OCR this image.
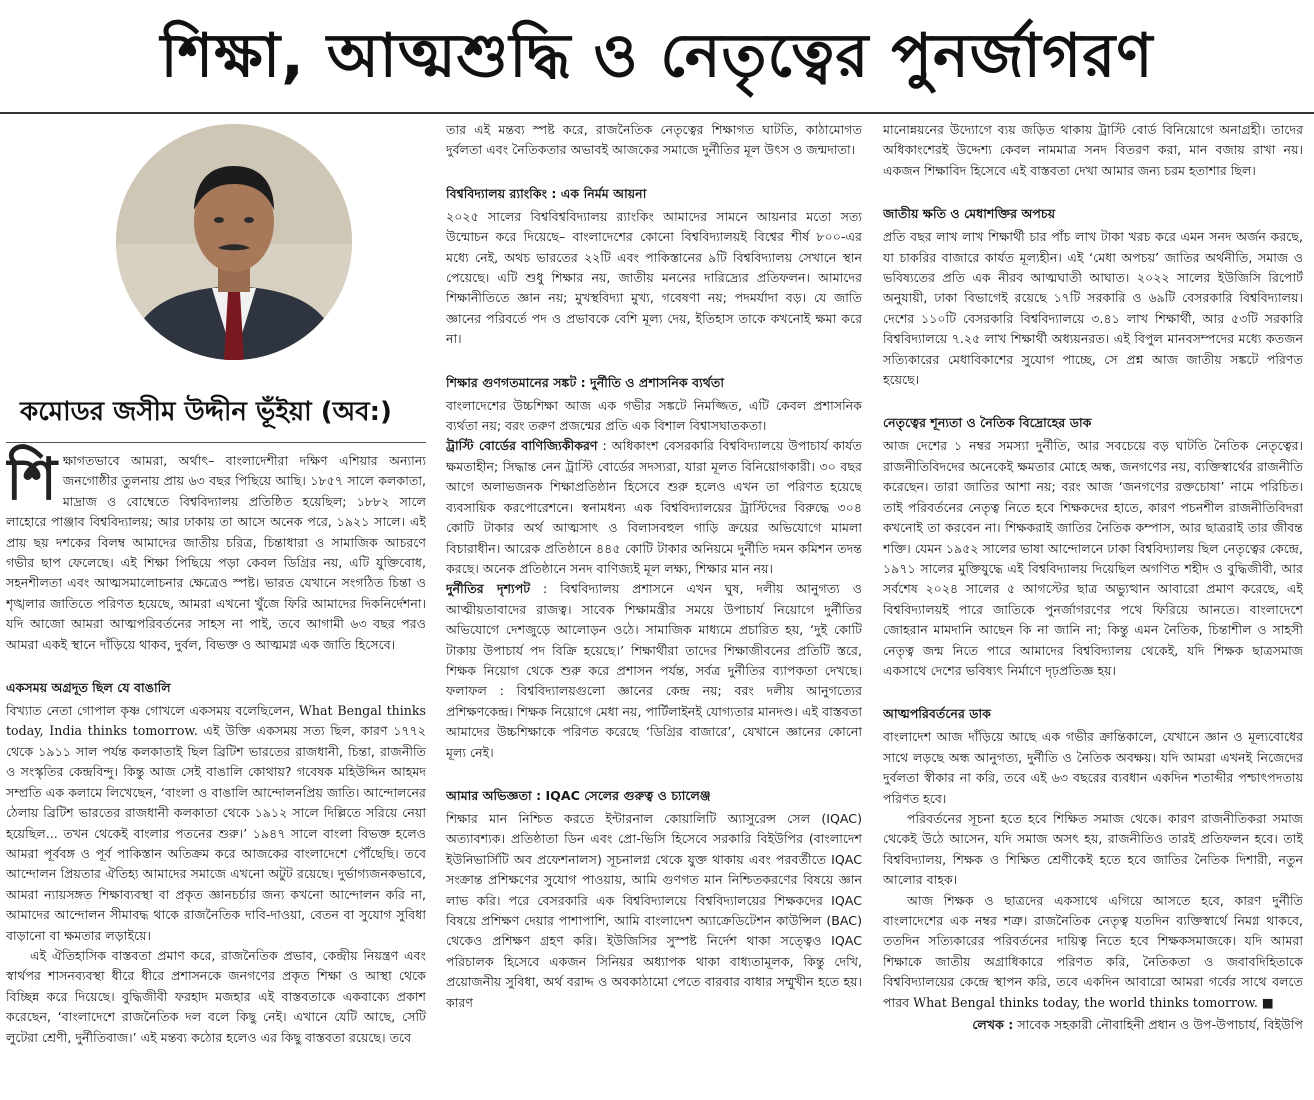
শিক্ষা, আত্মশুদ্ধি ও নেতৃত্বের পুনর্জাগরণ
কমোডর জসীম উদ্দীন ভূঁইয়া (অব:)

শিক্ষাগতভাবে আমরা, অর্থাৎ– বাংলাদেশীরা দক্ষিণ এশিয়ার অন্যান্য জনগোষ্ঠীর তুলনায় প্রায় ৬৩ বছর পিছিয়ে আছি। ১৮৫৭ সালে কলকাতা, মাদ্রাজ ও বোম্বেতে বিশ্ববিদ্যালয় প্রতিষ্ঠিত হয়েছিল; ১৮৮২ সালে লাহোরে পাঞ্জাব বিশ্ববিদ্যালয়; আর ঢাকায় তা আসে অনেক পরে, ১৯২১ সালে। এই প্রায় ছয় দশকের বিলম্ব আমাদের জাতীয় চরিত্র, চিন্তাধারা ও সামাজিক আচরণে গভীর ছাপ ফেলেছে। এই শিক্ষা পিছিয়ে পড়া কেবল ডিগ্রির নয়, এটি যুক্তিবোধ, সহনশীলতা এবং আত্মসমালোচনার ক্ষেত্রেও স্পষ্ট। ভারত যেখানে সংগঠিত চিন্তা ও শৃঙ্খলার জাতিতে পরিণত হয়েছে, আমরা এখনো খুঁজে ফিরি আমাদের দিকনির্দেশনা। যদি আজো আমরা আত্মপরিবর্তনের সাহস না পাই, তবে আগামী ৬৩ বছর পরও আমরা একই স্থানে দাঁড়িয়ে থাকব, দুর্বল, বিভক্ত ও আত্মমগ্ন এক জাতি হিসেবে।

একসময় অগ্রদূত ছিল যে বাঙালি

বিখ্যাত নেতা গোপাল কৃষ্ণ গোখলে একসময় বলেছিলেন, What Bengal thinks today, India thinks tomorrow. এই উক্তি একসময় সত্য ছিল, কারণ ১৭৭২ থেকে ১৯১১ সাল পর্যন্ত কলকাতাই ছিল ব্রিটিশ ভারতের রাজধানী, চিন্তা, রাজনীতি ও সংস্কৃতির কেন্দ্রবিন্দু। কিন্তু আজ সেই বাঙালি কোথায়? গবেষক মহিউদ্দিন আহমদ সম্প্রতি এক কলামে লিখেছেন, ‘বাংলা ও বাঙালি আন্দোলনপ্রিয় জাতি। আন্দোলনের ঠেলায় ব্রিটিশ ভারতের রাজধানী কলকাতা থেকে ১৯১২ সালে দিল্লিতে সরিয়ে নেয়া হয়েছিল... তখন থেকেই বাংলার পতনের শুরু।’ ১৯৪৭ সালে বাংলা বিভক্ত হলেও আমরা পূর্ববঙ্গ ও পূর্ব পাকিস্তান অতিক্রম করে আজকের বাংলাদেশে পৌঁছেছি। তবে আন্দোলন প্রিয়তার ঐতিহ্য আমাদের সমাজে এখনো অটুট রয়েছে। দুর্ভাগ্যজনকভাবে, আমরা ন্যায়সঙ্গত শিক্ষাব্যবস্থা বা প্রকৃত জ্ঞানচর্চার জন্য কখনো আন্দোলন করি না, আমাদের আন্দোলন সীমাবদ্ধ থাকে রাজনৈতিক দাবি-দাওয়া, বেতন বা সুযোগ সুবিধা বাড়ানো বা ক্ষমতার লড়াইয়ে।

এই ঐতিহাসিক বাস্তবতা প্রমাণ করে, রাজনৈতিক প্রভাব, কেন্দ্রীয় নিয়ন্ত্রণ এবং স্বার্থপর শাসনব্যবস্থা ধীরে ধীরে প্রশাসনকে জনগণের প্রকৃত শিক্ষা ও আস্থা থেকে বিচ্ছিন্ন করে দিয়েছে। বুদ্ধিজীবী ফরহাদ মজহার এই বাস্তবতাকে একবাক্যে প্রকাশ করেছেন, ‘বাংলাদেশে রাজনৈতিক দল বলে কিছু নেই। এখানে যেটি আছে, সেটি লুটেরা শ্রেণী, দুর্নীতিবাজ।’ এই মন্তব্য কঠোর হলেও এর কিছু বাস্তবতা রয়েছে। তবে

তার এই মন্তব্য স্পষ্ট করে, রাজনৈতিক নেতৃত্বের শিক্ষাগত ঘাটতি, কাঠামোগত দুর্বলতা এবং নৈতিকতার অভাবই আজকের সমাজে দুর্নীতির মূল উৎস ও জন্মদাতা।

বিশ্ববিদ্যালয় র‍্যাংকিং : এক নির্মম আয়না

২০২৫ সালের বিশ্ববিশ্ববিদ্যালয় র‍্যাংকিং আমাদের সামনে আয়নার মতো সত্য উন্মোচন করে দিয়েছে– বাংলাদেশের কোনো বিশ্ববিদ্যালয়ই বিশ্বের শীর্ষ ৮০০-এর মধ্যে নেই, অথচ ভারতের ২২টি এবং পাকিস্তানের ৯টি বিশ্ববিদ্যালয় সেখানে স্থান পেয়েছে। এটি শুধু শিক্ষার নয়, জাতীয় মননের দারিদ্র্যের প্রতিফলন। আমাদের শিক্ষানীতিতে জ্ঞান নয়; মুখস্থবিদ্যা মুখ্য, গবেষণা নয়; পদমর্যাদা বড়। যে জাতি জ্ঞানের পরিবর্তে পদ ও প্রভাবকে বেশি মূল্য দেয়, ইতিহাস তাকে কখনোই ক্ষমা করে না।

শিক্ষার গুণগতমানের সঙ্কট : দুর্নীতি ও প্রশাসনিক ব্যর্থতা

বাংলাদেশের উচ্চশিক্ষা আজ এক গভীর সঙ্কটে নিমজ্জিত, এটি কেবল প্রশাসনিক ব্যর্থতা নয়; বরং তরুণ প্রজন্মের প্রতি এক বিশাল বিশ্বাসঘাতকতা।

ট্রাস্টি বোর্ডের বাণিজ্যিকীকরণ : অধিকাংশ বেসরকারি বিশ্ববিদ্যালয়ে উপাচার্য কার্যত ক্ষমতাহীন; সিদ্ধান্ত নেন ট্রাস্টি বোর্ডের সদস্যরা, যারা মূলত বিনিয়োগকারী। ৩০ বছর আগে অলাভজনক শিক্ষাপ্রতিষ্ঠান হিসেবে শুরু হলেও এখন তা পরিণত হয়েছে ব্যবসায়িক করপোরেশনে। স্বনামধন্য এক বিশ্ববিদ্যালয়ের ট্রাস্টিদের বিরুদ্ধে ৩০৪ কোটি টাকার অর্থ আত্মসাৎ ও বিলাসবহুল গাড়ি ক্রয়ের অভিযোগে মামলা বিচারাধীন। আরেক প্রতিষ্ঠানে ৪৪৫ কোটি টাকার অনিয়মে দুর্নীতি দমন কমিশন তদন্ত করছে। অনেক প্রতিষ্ঠানে সনদ বাণিজ্যই মূল লক্ষ্য, শিক্ষার মান নয়।

দুর্নীতির দৃশ্যপট : বিশ্ববিদ্যালয় প্রশাসনে এখন ঘুষ, দলীয় আনুগত্য ও আত্মীয়তাবাদের রাজত্ব। সাবেক শিক্ষামন্ত্রীর সময়ে উপাচার্য নিয়োগে দুর্নীতির অভিযোগে দেশজুড়ে আলোড়ন ওঠে। সামাজিক মাধ্যমে প্রচারিত হয়, ‘দুই কোটি টাকায় উপাচার্য পদ বিক্রি হয়েছে।’ শিক্ষার্থীরা তাদের শিক্ষাজীবনের প্রতিটি স্তরে, শিক্ষক নিয়োগ থেকে শুরু করে প্রশাসন পর্যন্ত, সর্বত্র দুর্নীতির ব্যাপকতা দেখছে। ফলাফল : বিশ্ববিদ্যালয়গুলো জ্ঞানের কেন্দ্র নয়; বরং দলীয় আনুগত্যের প্রশিক্ষণকেন্দ্র। শিক্ষক নিয়োগে মেধা নয়, পার্টিলাইনই যোগ্যতার মানদণ্ড। এই বাস্তবতা আমাদের উচ্চশিক্ষাকে পরিণত করেছে ‘ডিগ্রির বাজারে’, যেখানে জ্ঞানের কোনো মূল্য নেই।

আমার অভিজ্ঞতা : IQAC সেলের গুরুত্ব ও চ্যালেঞ্জ

শিক্ষার মান নিশ্চিত করতে ইন্টারনাল কোয়ালিটি অ্যাসুরেন্স সেল (IQAC) অত্যাবশ্যক। প্রতিষ্ঠাতা ডিন এবং প্রো-ভিসি হিসেবে সরকারি বিইউপির (বাংলাদেশ ইউনিভার্সিটি অব প্রফেশনালস) সূচনালগ্ন থেকে যুক্ত থাকায় এবং পরবর্তীতে IQAC সংক্রান্ত প্রশিক্ষণের সুযোগ পাওয়ায়, আমি গুণগত মান নিশ্চিতকরণের বিষয়ে জ্ঞান লাভ করি। পরে বেসরকারি এক বিশ্ববিদ্যালয়ে বিশ্ববিদ্যালয়ের শিক্ষকদের IQAC বিষয়ে প্রশিক্ষণ দেয়ার পাশাপাশি, আমি বাংলাদেশ অ্যাক্রেডিটেশন কাউন্সিল (BAC) থেকেও প্রশিক্ষণ গ্রহণ করি। ইউজিসির সুস্পষ্ট নির্দেশ থাকা সত্ত্বেও IQAC পরিচালক হিসেবে একজন সিনিয়র অধ্যাপক থাকা বাধ্যতামূলক, কিন্তু দেখি, প্রয়োজনীয় সুবিধা, অর্থ বরাদ্দ ও অবকাঠামো পেতে বারবার বাধার সম্মুখীন হতে হয়। কারণ

মানোন্নয়নের উদ্যোগে ব্যয় জড়িত থাকায় ট্রাস্টি বোর্ড বিনিয়োগে অনাগ্রহী। তাদের অধিকাংশেরই উদ্দেশ্য কেবল নামমাত্র সনদ বিতরণ করা, মান বজায় রাখা নয়। একজন শিক্ষাবিদ হিসেবে এই বাস্তবতা দেখা আমার জন্য চরম হতাশার ছিল।

জাতীয় ক্ষতি ও মেধাশক্তির অপচয়

প্রতি বছর লাখ লাখ শিক্ষার্থী চার পাঁচ লাখ টাকা খরচ করে এমন সনদ অর্জন করছে, যা চাকরির বাজারে কার্যত মূল্যহীন। এই ‘মেধা অপচয়’ জাতির অর্থনীতি, সমাজ ও ভবিষ্যতের প্রতি এক নীরব আত্মঘাতী আঘাত। ২০২২ সালের ইউজিসি রিপোর্ট অনুযায়ী, ঢাকা বিভাগেই রয়েছে ১৭টি সরকারি ও ৬৯টি বেসরকারি বিশ্ববিদ্যালয়। দেশের ১১০টি বেসরকারি বিশ্ববিদ্যালয়ে ৩.৪১ লাখ শিক্ষার্থী, আর ৫৩টি সরকারি বিশ্ববিদ্যালয়ে ৭.২৫ লাখ শিক্ষার্থী অধ্যয়নরত। এই বিপুল মানবসম্পদের মধ্যে কতজন সত্যিকারের মেধাবিকাশের সুযোগ পাচ্ছে, সে প্রশ্ন আজ জাতীয় সঙ্কটে পরিণত হয়েছে।

নেতৃত্বের শূন্যতা ও নৈতিক বিদ্রোহের ডাক

আজ দেশের ১ নম্বর সমস্যা দুর্নীতি, আর সবচেয়ে বড় ঘাটতি নৈতিক নেতৃত্বের। রাজনীতিবিদদের অনেকেই ক্ষমতার মোহে অন্ধ, জনগণের নয়, ব্যক্তিস্বার্থের রাজনীতি করেছেন। তারা জাতির আশা নয়; বরং আজ ‘জনগণের রক্তচোষা’ নামে পরিচিত। তাই পরিবর্তনের নেতৃত্ব নিতে হবে শিক্ষকদের হাতে, কারণ পচনশীল রাজনীতিবিদরা কখনোই তা করবেন না। শিক্ষকরাই জাতির নৈতিক কম্পাস, আর ছাত্ররাই তার জীবন্ত শক্তি। যেমন ১৯৫২ সালের ভাষা আন্দোলনে ঢাকা বিশ্ববিদ্যালয় ছিল নেতৃত্বের কেন্দ্রে, ১৯৭১ সালের মুক্তিযুদ্ধে এই বিশ্ববিদ্যালয় দিয়েছিল অগণিত শহীদ ও বুদ্ধিজীবী, আর সর্বশেষ ২০২৪ সালের ৫ আগস্টের ছাত্র অভ্যুত্থান আবারো প্রমাণ করেছে, এই বিশ্ববিদ্যালয়ই পারে জাতিকে পুনর্জাগরণের পথে ফিরিয়ে আনতে। বাংলাদেশে জোহরান মামদানি আছেন কি না জানি না; কিন্তু এমন নৈতিক, চিন্তাশীল ও সাহসী নেতৃত্ব জন্ম নিতে পারে আমাদের বিশ্ববিদ্যালয় থেকেই, যদি শিক্ষক ছাত্রসমাজ একসাথে দেশের ভবিষ্যৎ নির্মাণে দৃঢ়প্রতিজ্ঞ হয়।

আত্মপরিবর্তনের ডাক

বাংলাদেশ আজ দাঁড়িয়ে আছে এক গভীর ক্রান্তিকালে, যেখানে জ্ঞান ও মূল্যবোধের সাথে লড়ছে অন্ধ আনুগত্য, দুর্নীতি ও নৈতিক অবক্ষয়। যদি আমরা এখনই নিজেদের দুর্বলতা স্বীকার না করি, তবে এই ৬৩ বছরের ব্যবধান একদিন শতাব্দীর পশ্চাৎপদতায় পরিণত হবে।

পরিবর্তনের সূচনা হতে হবে শিক্ষিত সমাজ থেকে। কারণ রাজনীতিকরা সমাজ থেকেই উঠে আসেন, যদি সমাজ অসৎ হয়, রাজনীতিও তারই প্রতিফলন হবে। তাই বিশ্ববিদ্যালয়, শিক্ষক ও শিক্ষিত শ্রেণীকেই হতে হবে জাতির নৈতিক দিশারী, নতুন আলোর বাহক।

আজ শিক্ষক ও ছাত্রদের একসাথে এগিয়ে আসতে হবে, কারণ দুর্নীতি বাংলাদেশের এক নম্বর শত্রু। রাজনৈতিক নেতৃত্ব যতদিন ব্যক্তিস্বার্থে নিমগ্ন থাকবে, ততদিন সত্যিকারের পরিবর্তনের দায়িত্ব নিতে হবে শিক্ষকসমাজকে। যদি আমরা শিক্ষাকে জাতীয় অগ্রাধিকারে পরিণত করি, নৈতিকতা ও জবাবদিহিতাকে বিশ্ববিদ্যালয়ের কেন্দ্রে স্থাপন করি, তবে একদিন আবারো আমরা গর্বের সাথে বলতে পারব What Bengal thinks today, the world thinks tomorrow. ■

লেখক : সাবেক সহকারী নৌবাহিনী প্রধান ও উপ-উপাচার্য, বিইউপি
